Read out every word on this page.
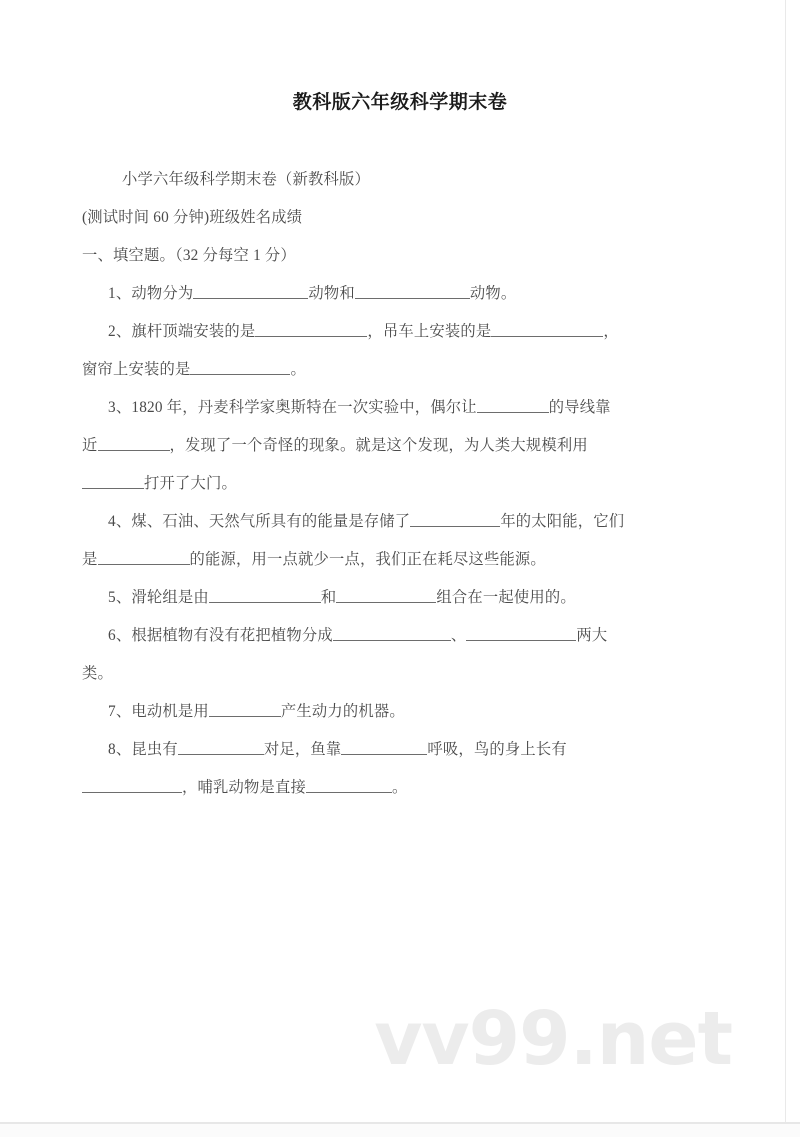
教科版六年级科学期末卷

小学六年级科学期末卷（新教科版）

(测试时间 60 分钟)班级姓名成绩

一、填空题。（32 分每空 1 分）

1、动物分为	动物和	动物。

2、旗杆顶端安装的是	，吊车上安装的是	，

窗帘上安装的是	。

3、1820 年，丹麦科学家奥斯特在一次实验中，偶尔让	的导线靠

近	，发现了一个奇怪的现象。就是这个发现，为人类大规模利用

打开了大门。

4、煤、石油、天然气所具有的能量是存储了	年的太阳能，它们

是	的能源，用一点就少一点，我们正在耗尽这些能源。

5、滑轮组是由	和	组合在一起使用的。

6、根据植物有没有花把植物分成	、	两大

类。

7、电动机是用	产生动力的机器。

8、昆虫有	对足，鱼靠	呼吸，鸟的身上长有

，哺乳动物是直接	。

vv99.net
